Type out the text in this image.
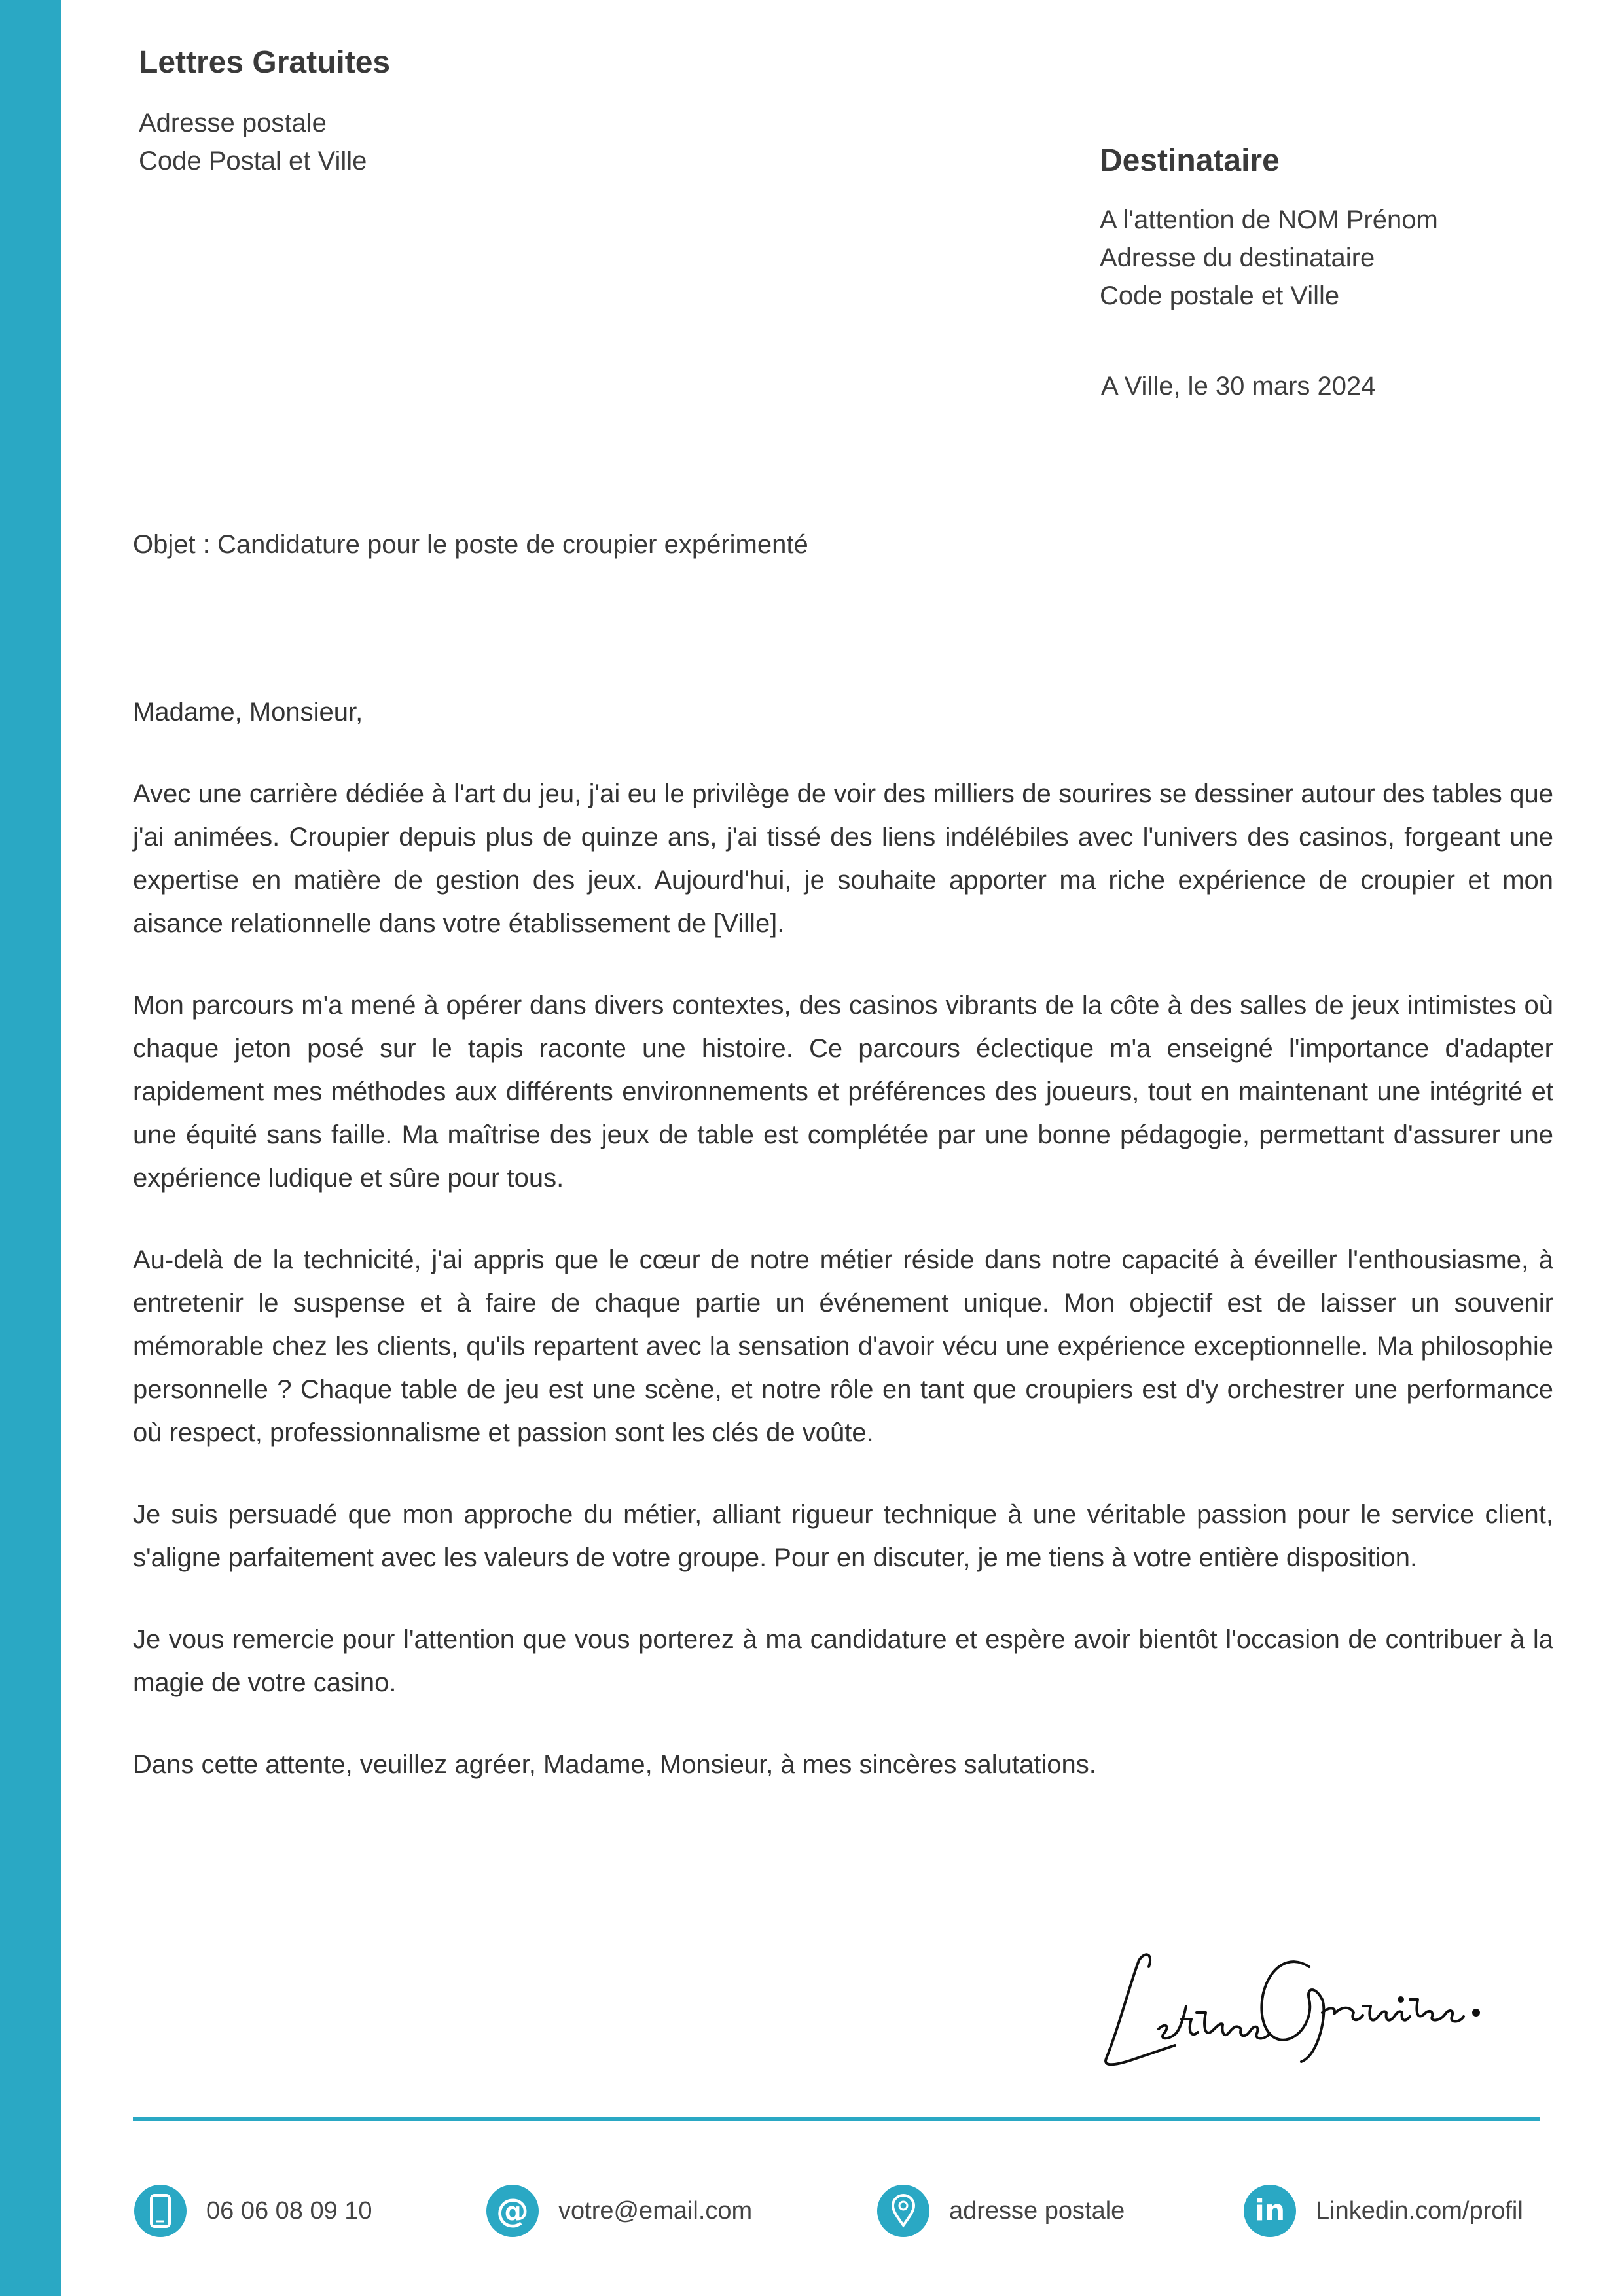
Lettres Gratuites
Adresse postale
Code Postal et Ville	Destinataire
A l'attention de NOM Prénom
Adresse du destinataire
Code postale et Ville
A Ville, le 30 mars 2024
Objet : Candidature pour le poste de croupier expérimenté

Madame, Monsieur,

Avec une carrière dédiée à l'art du jeu, j'ai eu le privilège de voir des milliers de sourires se dessiner autour des tables que j'ai animées. Croupier depuis plus de quinze ans, j'ai tissé des liens indélébiles avec l'univers des casinos, forgeant une expertise en matière de gestion des jeux. Aujourd'hui, je souhaite apporter ma riche expérience de croupier et mon aisance relationnelle dans votre établissement de [Ville].

Mon parcours m'a mené à opérer dans divers contextes, des casinos vibrants de la côte à des salles de jeux intimistes où chaque jeton posé sur le tapis raconte une histoire. Ce parcours éclectique m'a enseigné l'importance d'adapter rapidement mes méthodes aux différents environnements et préférences des joueurs, tout en maintenant une intégrité et une équité sans faille. Ma maîtrise des jeux de table est complétée par une bonne pédagogie, permettant d'assurer une expérience ludique et sûre pour tous.

Au-delà de la technicité, j'ai appris que le cœur de notre métier réside dans notre capacité à éveiller l'enthousiasme, à entretenir le suspense et à faire de chaque partie un événement unique. Mon objectif est de laisser un souvenir mémorable chez les clients, qu'ils repartent avec la sensation d'avoir vécu une expérience exceptionnelle. Ma philosophie personnelle ? Chaque table de jeu est une scène, et notre rôle en tant que croupiers est d'y orchestrer une performance où respect, professionnalisme et passion sont les clés de voûte.

Je suis persuadé que mon approche du métier, alliant rigueur technique à une véritable passion pour le service client, s'aligne parfaitement avec les valeurs de votre groupe. Pour en discuter, je me tiens à votre entière disposition.

Je vous remercie pour l'attention que vous porterez à ma candidature et espère avoir bientôt l'occasion de contribuer à la magie de votre casino.

Dans cette attente, veuillez agréer, Madame, Monsieur, à mes sincères salutations.

06 06 08 09 10	@ votre@email.com	adresse postale	in Linkedin.com/profil
